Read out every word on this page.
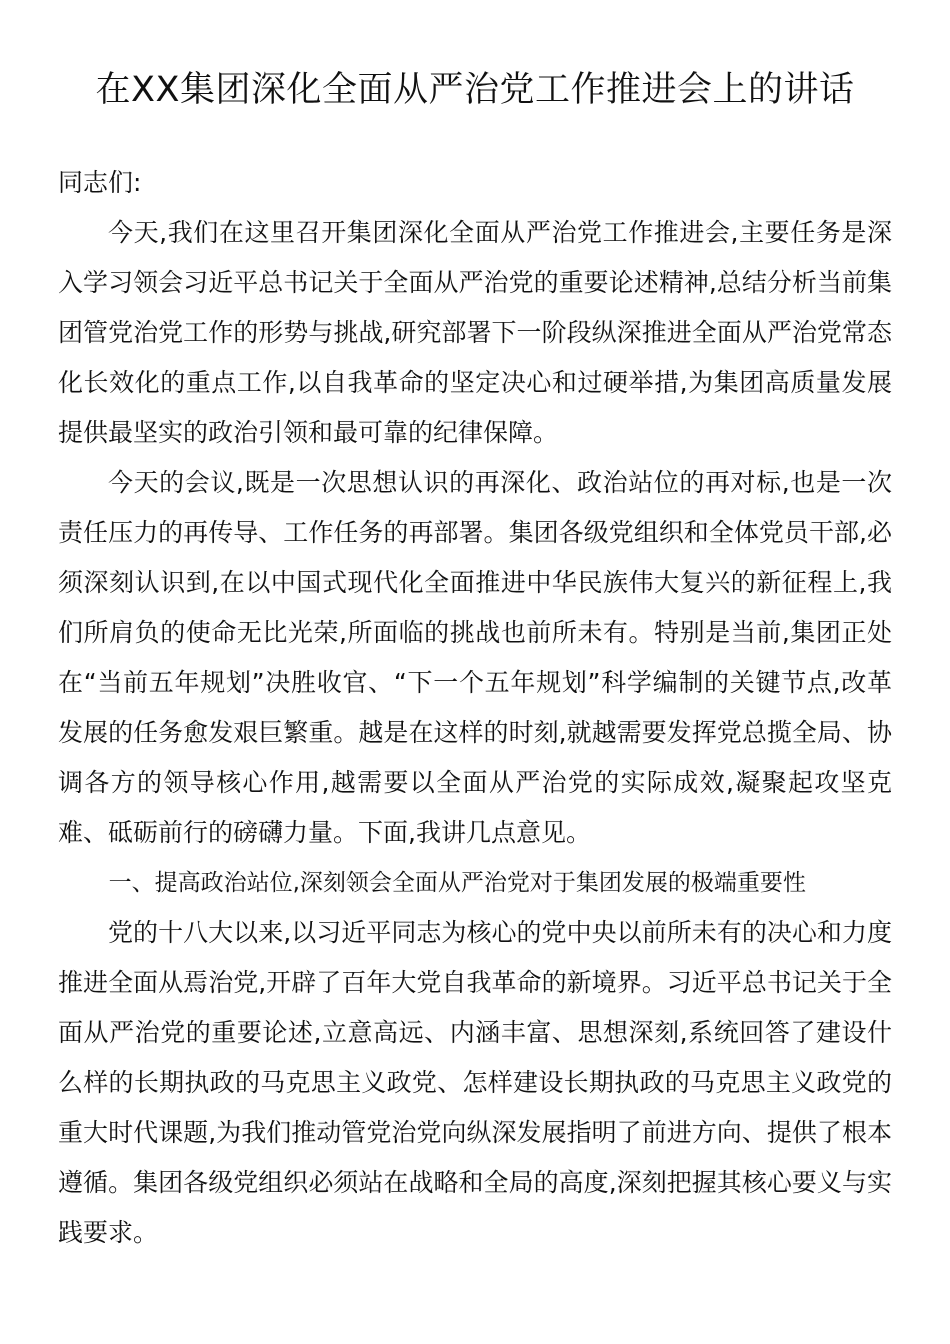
在XX集团深化全面从严治党工作推进会上的讲话

同志们:

今天,我们在这里召开集团深化全面从严治党工作推进会,主要任务是深入学习领会习近平总书记关于全面从严治党的重要论述精神,总结分析当前集团管党治党工作的形势与挑战,研究部署下一阶段纵深推进全面从严治党常态化长效化的重点工作,以自我革命的坚定决心和过硬举措,为集团高质量发展提供最坚实的政治引领和最可靠的纪律保障。

今天的会议,既是一次思想认识的再深化、政治站位的再对标,也是一次责任压力的再传导、工作任务的再部署。集团各级党组织和全体党员干部,必须深刻认识到,在以中国式现代化全面推进中华民族伟大复兴的新征程上,我们所肩负的使命无比光荣,所面临的挑战也前所未有。特别是当前,集团正处在“当前五年规划”决胜收官、“下一个五年规划”科学编制的关键节点,改革发展的任务愈发艰巨繁重。越是在这样的时刻,就越需要发挥党总揽全局、协调各方的领导核心作用,越需要以全面从严治党的实际成效,凝聚起攻坚克难、砥砺前行的磅礴力量。下面,我讲几点意见。

一、提高政治站位,深刻领会全面从严治党对于集团发展的极端重要性

党的十八大以来,以习近平同志为核心的党中央以前所未有的决心和力度推进全面从焉治党,开辟了百年大党自我革命的新境界。习近平总书记关于全面从严治党的重要论述,立意高远、内涵丰富、思想深刻,系统回答了建设什么样的长期执政的马克思主义政党、怎样建设长期执政的马克思主义政党的重大时代课题,为我们推动管党治党向纵深发展指明了前进方向、提供了根本遵循。集团各级党组织必须站在战略和全局的高度,深刻把握其核心要义与实践要求。
